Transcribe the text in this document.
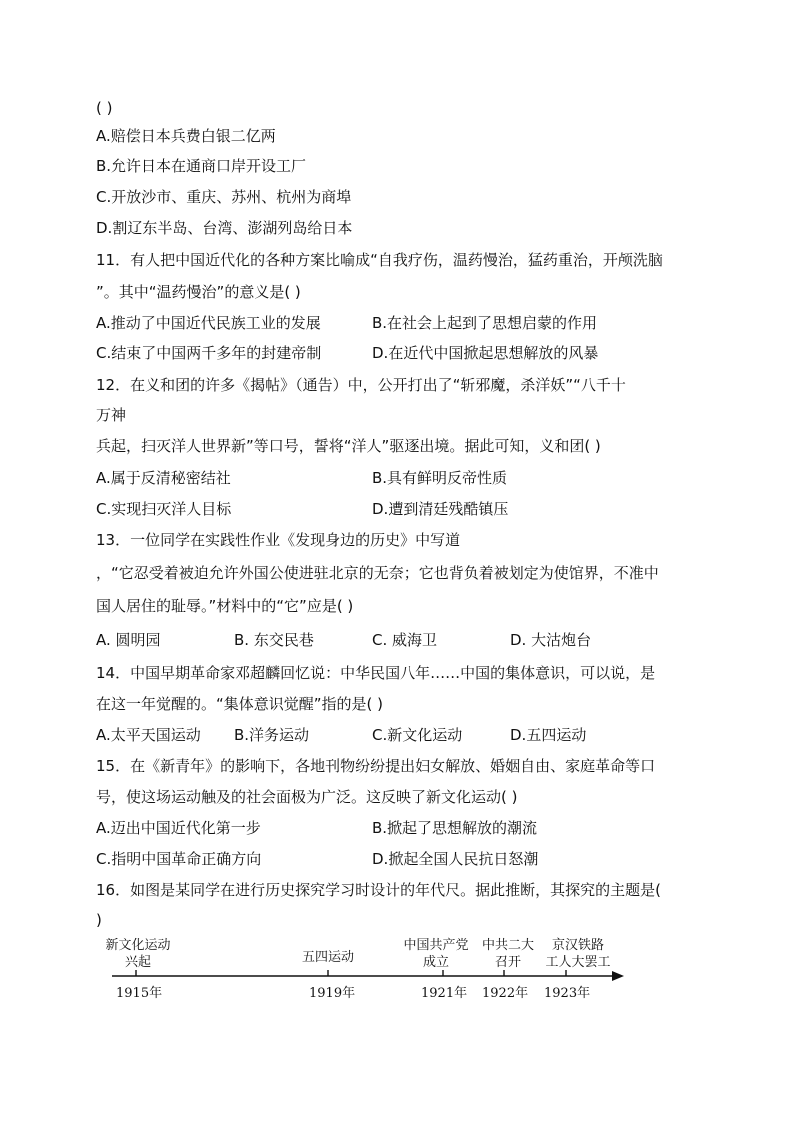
( )
A.赔偿日本兵费白银二亿两
B.允许日本在通商口岸开设工厂
C.开放沙市、重庆、苏州、杭州为商埠
D.割辽东半岛、台湾、澎湖列岛给日本
11．有人把中国近代化的各种方案比喻成“自我疗伤，温药慢治，猛药重治，开颅洗脑
”。其中“温药慢治”的意义是( )
A.推动了中国近代民族工业的发展	B.在社会上起到了思想启蒙的作用
C.结束了中国两千多年的封建帝制	D.在近代中国掀起思想解放的风暴
12．在义和团的许多《揭帖》（通告）中，公开打出了“斩邪魔，杀洋妖”“八千十
万神
兵起，扫灭洋人世界新”等口号，誓将“洋人”驱逐出境。据此可知，义和团( )
A.属于反清秘密结社	B.具有鲜明反帝性质
C.实现扫灭洋人目标	D.遭到清廷残酷镇压
13．一位同学在实践性作业《发现身边的历史》中写道
，“它忍受着被迫允许外国公使进驻北京的无奈；它也背负着被划定为使馆界，不准中
国人居住的耻辱。”材料中的“它”应是( )
A. 圆明园	B. 东交民巷	C. 威海卫	D. 大沽炮台
14．中国早期革命家邓超麟回忆说：中华民国八年……中国的集体意识，可以说，是
在这一年觉醒的。“集体意识觉醒”指的是( )
A.太平天国运动 B.洋务运动	C.新文化运动	D.五四运动
15．在《新青年》的影响下，各地刊物纷纷提出妇女解放、婚姻自由、家庭革命等口
号，使这场运动触及的社会面极为广泛。这反映了新文化运动( )
A.迈出中国近代化第一步	B.掀起了思想解放的潮流
C.指明中国革命正确方向	D.掀起全国人民抗日怒潮
16．如图是某同学在进行历史探究学习时设计的年代尺。据此推断，其探究的主题是(
)
新文化运动
兴起
1915年
五四运动
1919年
中国共产党
成立
1921年
中共二大
召开
1922年
京汉铁路
工人大罢工
1923年
